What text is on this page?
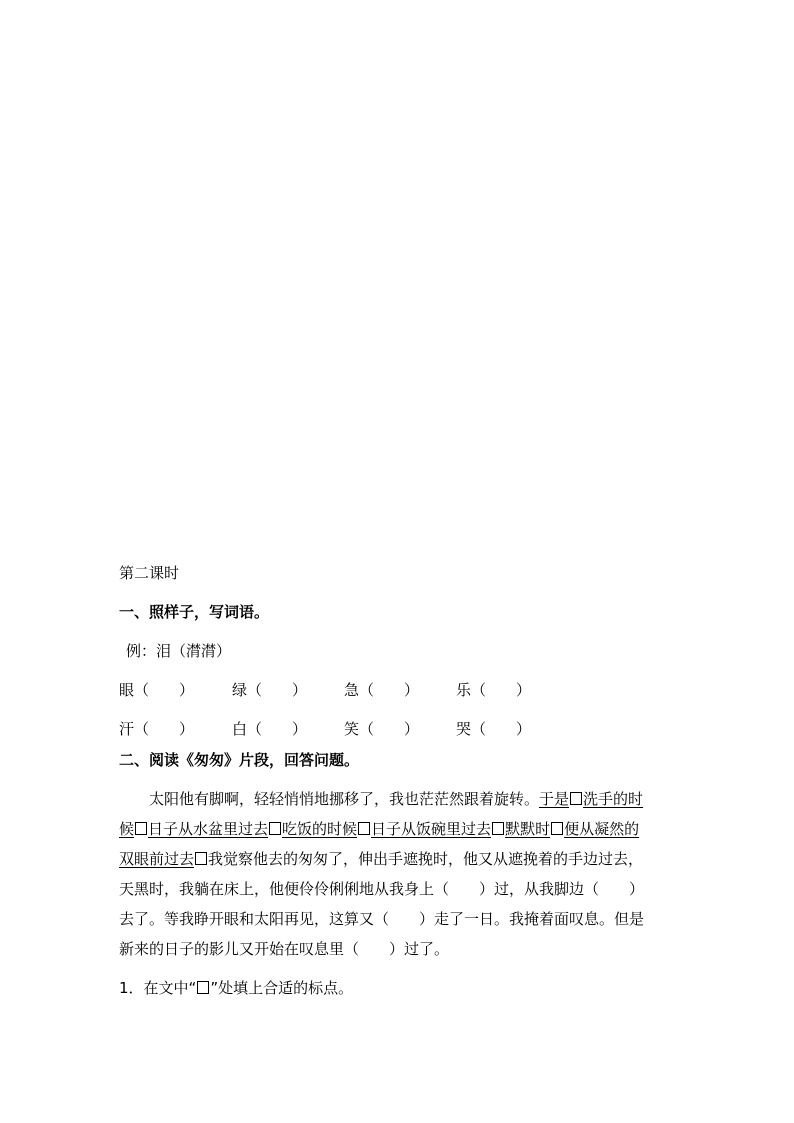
第二课时
一、照样子，写词语。
例：泪（潸潸）
眼（　　）	绿（　　） 急（　　） 乐（　　）
汗（　　）	白（　　） 笑（　　） 哭（　　）
二、阅读《匆匆》片段，回答问题。
太阳他有脚啊，轻轻悄悄地挪移了，我也茫茫然跟着旋转。于是 洗手的时
候 日子从水盆里过去 吃饭的时候 日子从饭碗里过去 默默时 便从凝然的
双眼前过去 我觉察他去的匆匆了，伸出手遮挽时，他又从遮挽着的手边过去，
天黑时，我躺在床上，他便伶伶俐俐地从我身上（　　）过，从我脚边（　　）
去了。等我睁开眼和太阳再见，这算又（　　）走了一日。我掩着面叹息。但是
新来的日子的影儿又开始在叹息里（　　）过了。
1．在文中“ ”处填上合适的标点。
